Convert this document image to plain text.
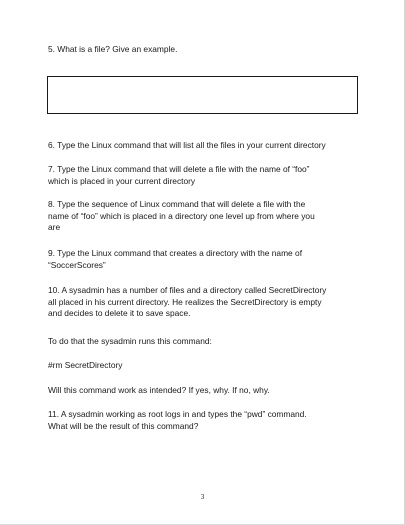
5. What is a file? Give an example.

6. Type the Linux command that will list all the files in your current directory

7. Type the Linux command that will delete a file with the name of “foo”
which is placed in your current directory
8. Type the sequence of Linux command that will delete a file with the
name of “foo” which is placed in a directory one level up from where you
are
9. Type the Linux command that creates a directory with the name of
“SoccerScores”
10. A sysadmin has a number of files and a directory called SecretDirectory
all placed in his current directory. He realizes the SecretDirectory is empty
and decides to delete it to save space.

To do that the sysadmin runs this command:

#rm SecretDirectory

Will this command work as intended? If yes, why. If no, why.

11. A sysadmin working as root logs in and types the “pwd” command.
What will be the result of this command?
3
